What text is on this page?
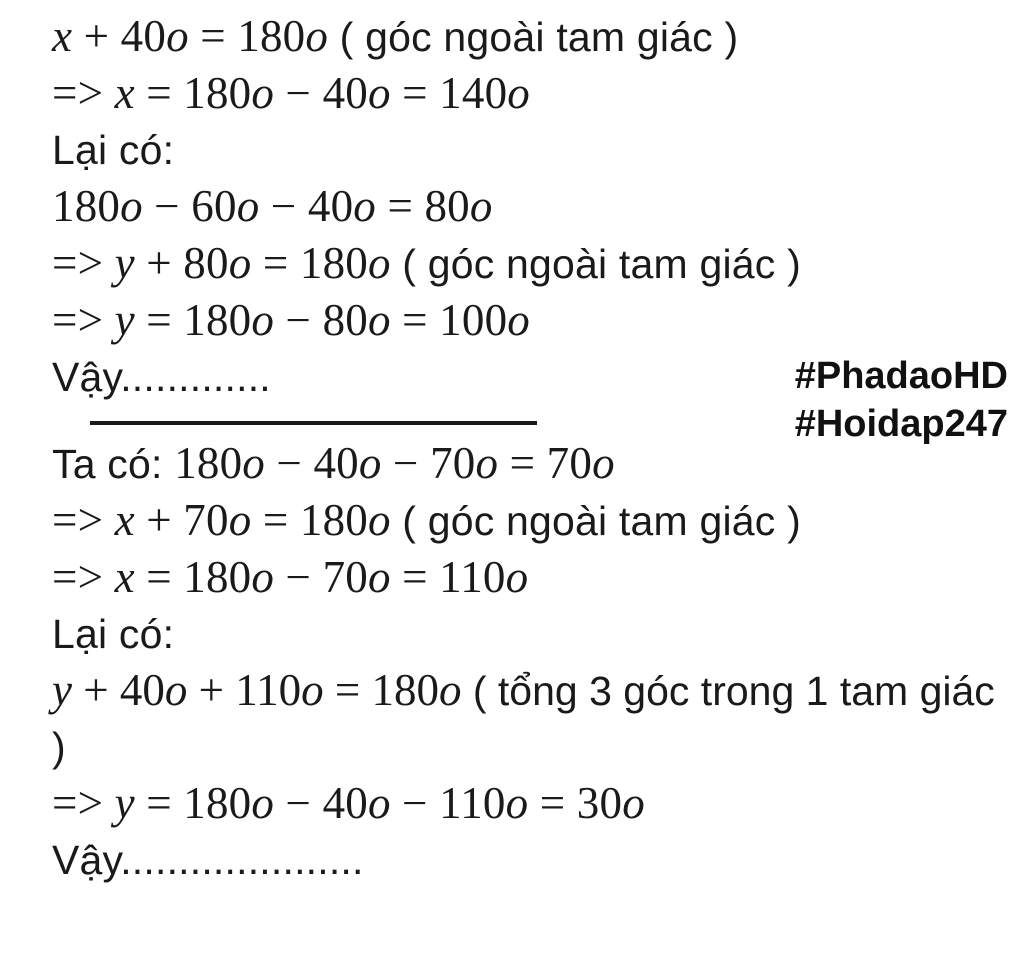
x + 40o = 180o ( góc ngoài tam giác )
=> x = 180o − 40o = 140o
Lại có:
180o − 60o − 40o = 80o
=> y + 80o = 180o ( góc ngoài tam giác )
=> y = 180o − 80o = 100o
Vậy.............
Ta có: 180o − 40o − 70o = 70o
=> x + 70o = 180o ( góc ngoài tam giác )
=> x = 180o − 70o = 110o
Lại có:
y + 40o + 110o = 180o ( tổng 3 góc trong 1 tam giác )
=> y = 180o − 40o − 110o = 30o
Vậy.....................
#PhadaoHD
#Hoidap247
